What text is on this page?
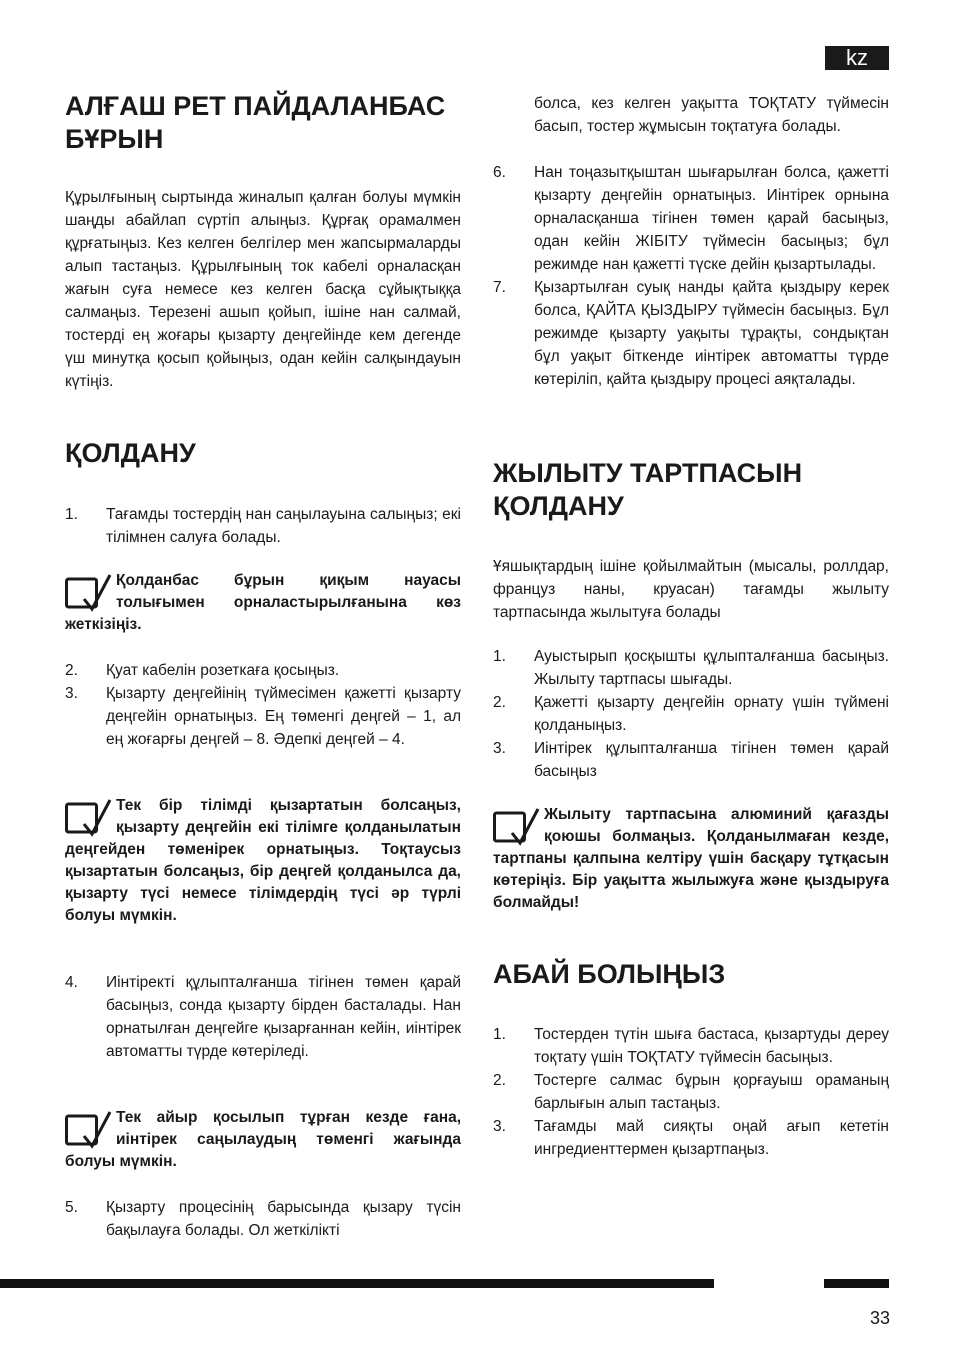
kz
АЛҒАШ РЕТ ПАЙДАЛАНБАС БҰРЫН

Құрылғының сыртында жиналып қалған болуы мүмкін шаңды абайлап сүртіп алыңыз. Құрғақ орамалмен құрғатыңыз. Кез келген белгілер мен жапсырмаларды алып тастаңыз. Құрылғының ток кабелі орналасқан жағын суға немесе кез келген басқа сұйықтыққа салмаңыз. Терезені ашып қойып, ішіне нан салмай, тостерді ең жоғары қызарту деңгейінде кем дегенде үш минутқа қосып қойыңыз, одан кейін салқындауын күтіңіз.

ҚОЛДАНУ
1. Тағамды тостердің нан саңылауына салыңыз; екі тілімнен салуға болады.
Қолданбас бұрын қиқым науасы толығымен орналастырылғанына көз жеткізіңіз.
2. Қуат кабелін розеткаға қосыңыз.
3. Қызарту деңгейінің түймесімен қажетті қызарту деңгейін орнатыңыз. Ең төменгі деңгей – 1, ал ең жоғарғы деңгей – 8. Әдепкі деңгей – 4.
Тек бір тілімді қызартатын болсаңыз, қызарту деңгейін екі тілімге қолданылатын деңгейден төменірек орнатыңыз. Тоқтаусыз қызартатын болсаңыз, бір деңгей қолданылса да, қызарту түсі немесе тілімдердің түсі әр түрлі болуы мүмкін.
4. Иінтіректі құлыпталғанша тігінен төмен қарай басыңыз, сонда қызарту бірден басталады. Нан орнатылған деңгейге қызарғаннан кейін, иінтірек автоматты түрде көтеріледі.
Тек айыр қосылып тұрған кезде ғана, иінтірек саңылаудың төменгі жағында болуы мүмкін.
5. Қызарту процесінің барысында қызару түсін бақылауға болады. Ол жеткілікті

болса, кез келген уақытта ТОҚТАТУ түймесін басып, тостер жұмысын тоқтатуға болады.

6. Нан тоңазытқыштан шығарылған болса, қажетті қызарту деңгейін орнатыңыз. Иінтірек орнына орналасқанша тігінен төмен қарай басыңыз, одан кейін ЖІБІТУ түймесін басыңыз; бұл режимде нан қажетті түске дейін қызартылады.
7. Қызартылған суық нанды қайта қыздыру керек болса, ҚАЙТА ҚЫЗДЫРУ түймесін басыңыз. Бұл режимде қызарту уақыты тұрақты, сондықтан бұл уақыт біткенде иінтірек автоматты түрде көтеріліп, қайта қыздыру процесі аяқталады.
ЖЫЛЫТУ ТАРТПАСЫН ҚОЛДАНУ

Ұяшықтардың ішіне қойылмайтын (мысалы, роллдар, француз наны, круасан) тағамды жылыту тартпасында жылытуға болады

1. Ауыстырып қосқышты құлыпталғанша басыңыз. Жылыту тартпасы шығады.
2. Қажетті қызарту деңгейін орнату үшін түймені қолданыңыз.
3. Иінтірек құлыпталғанша тігінен төмен қарай басыңыз
Жылыту тартпасына алюминий қағазды қоюшы болмаңыз. Қолданылмаған кезде, тартпаны қалпына келтіру үшін басқару тұтқасын көтеріңіз. Бір уақытта жылыжуға және қыздыруға болмайды!
АБАЙ БОЛЫҢЫЗ
1. Тостерден түтін шыға бастаса, қызартуды дереу тоқтату үшін ТОҚТАТУ түймесін басыңыз.
2. Тостерге салмас бұрын қорғауыш ораманың барлығын алып тастаңыз.
3. Тағамды май сияқты оңай ағып кететін ингредиенттермен қызартпаңыз.
33
